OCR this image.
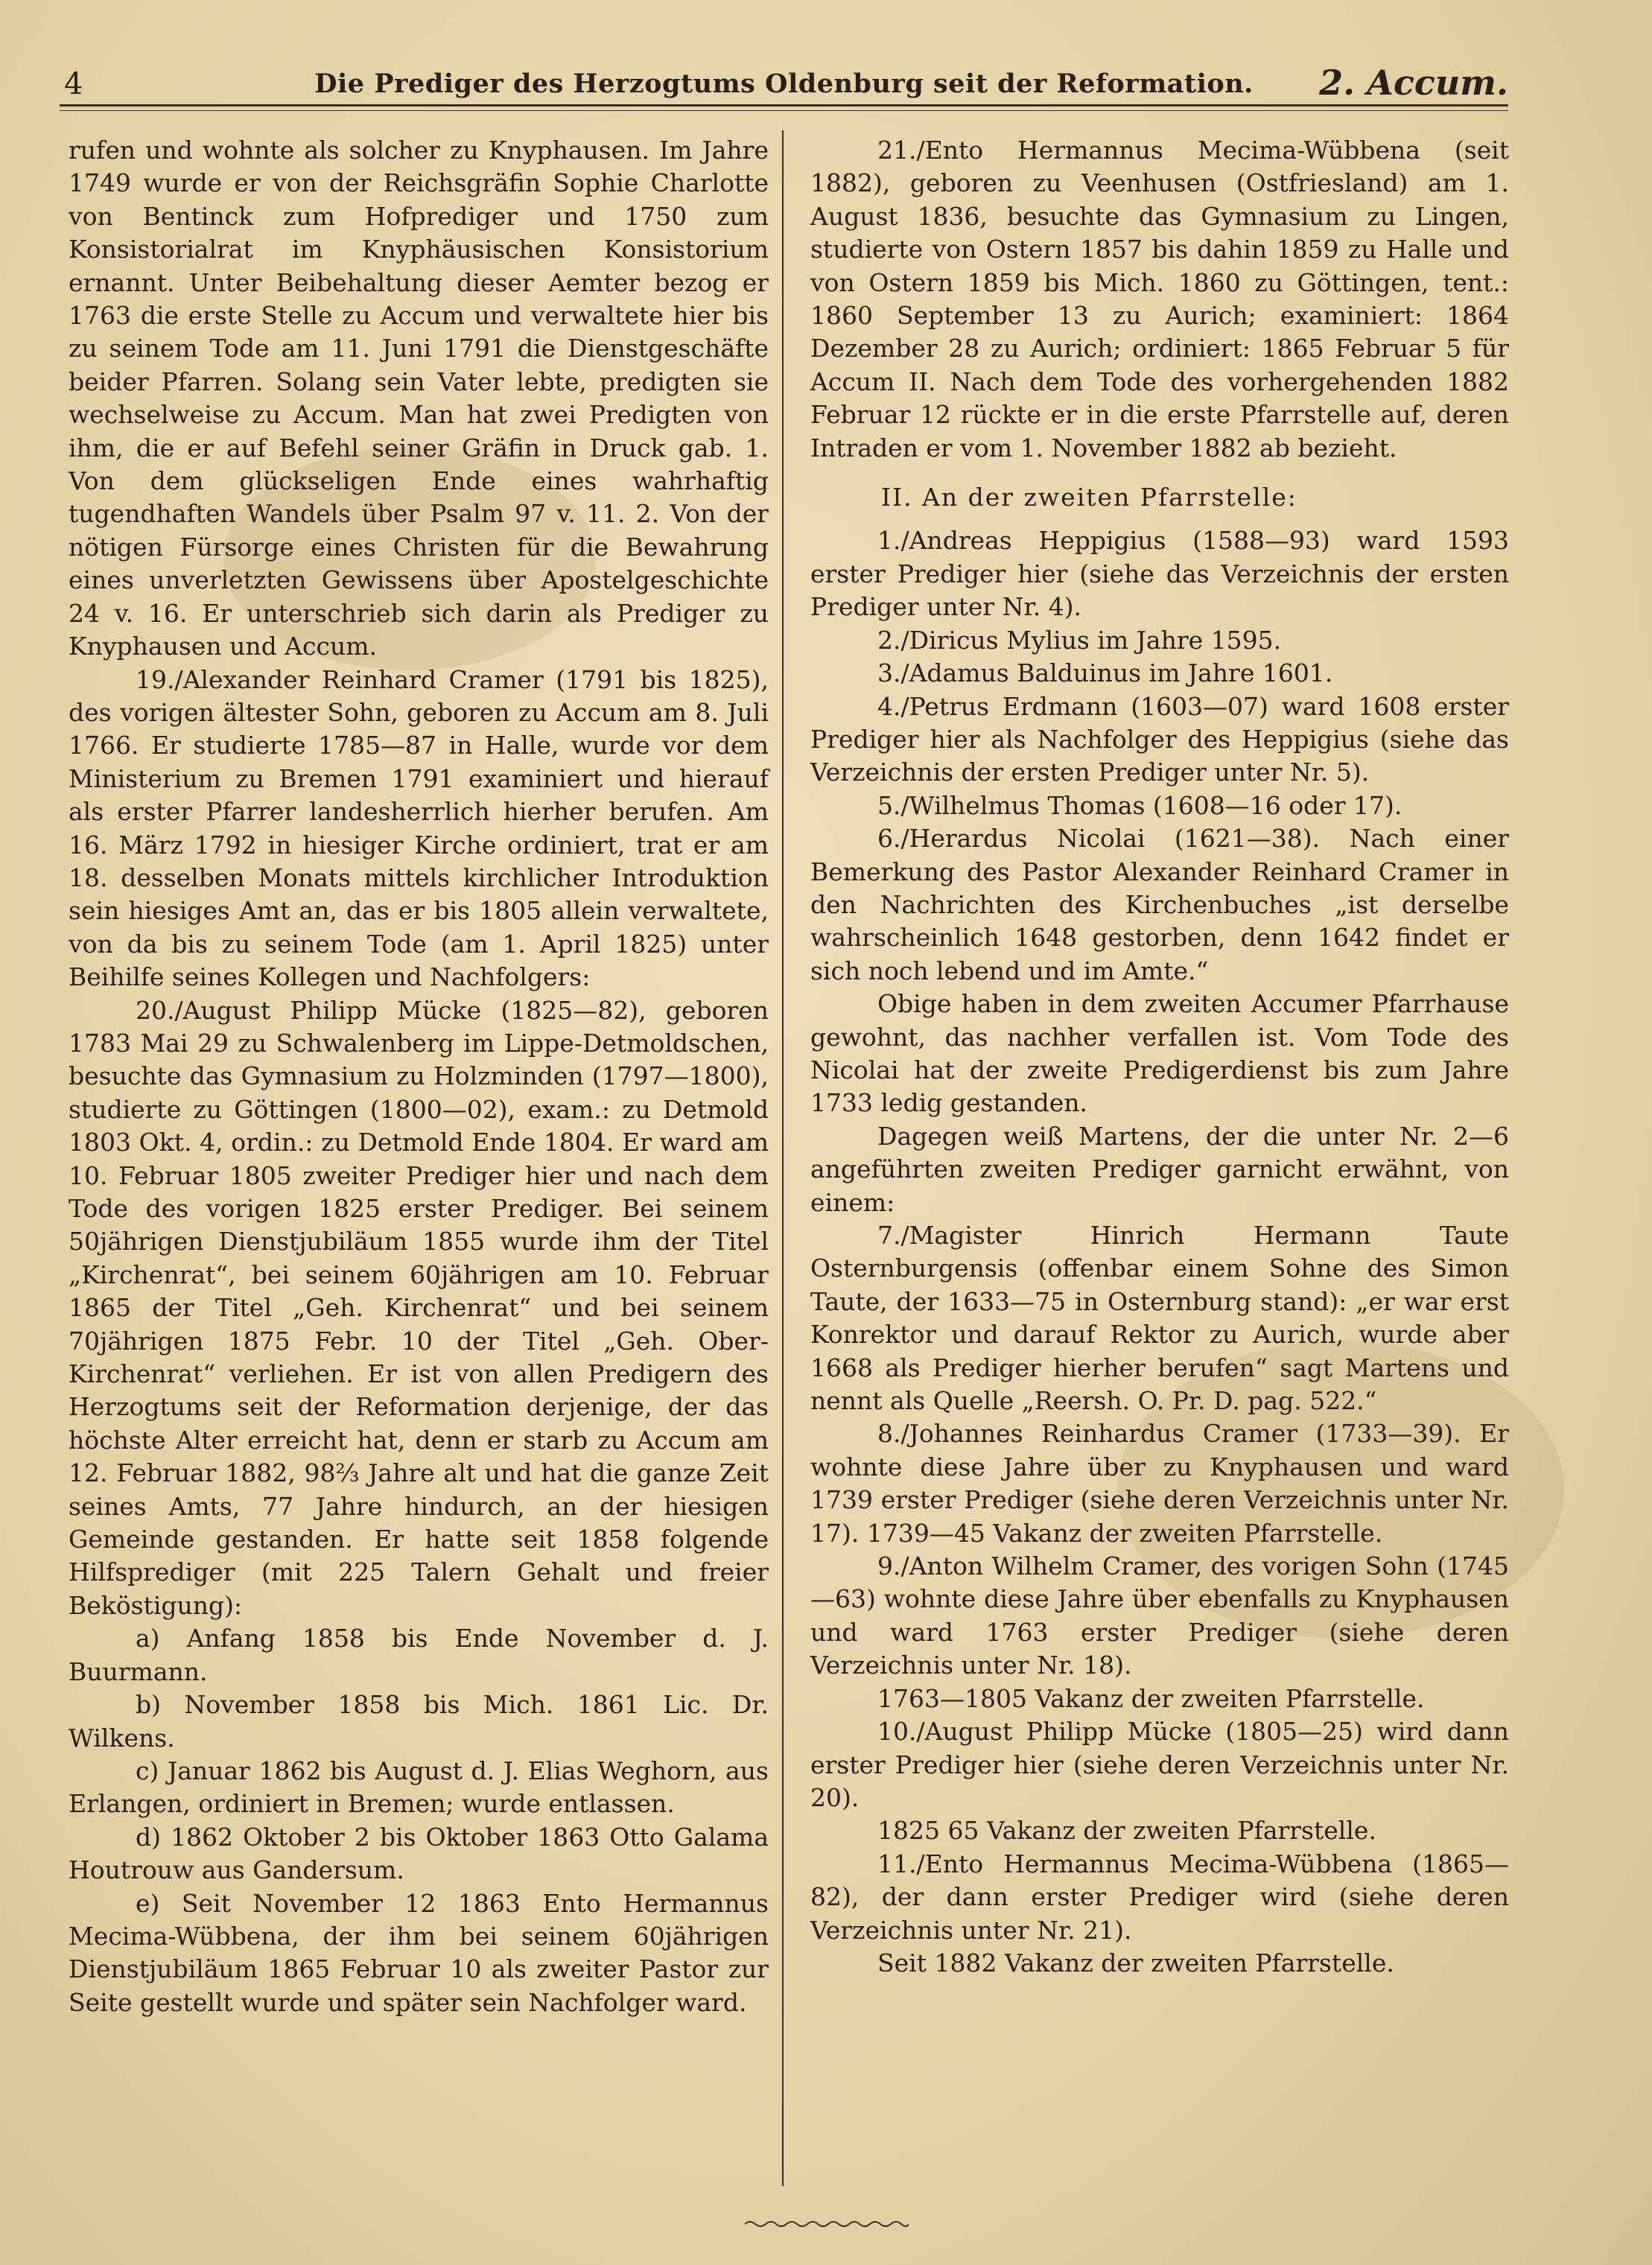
4	Die Prediger des Herzogtums Oldenburg seit der Reformation.	2. Accum.

rufen und wohnte als solcher zu Knyphausen. Im Jahre 1749 wurde er von der Reichsgräfin Sophie Charlotte von Bentinck zum Hofprediger und 1750 zum Konsistorialrat im Knyphäusischen Konsistorium ernannt. Unter Beibehaltung dieser Aemter bezog er 1763 die erste Stelle zu Accum und verwaltete hier bis zu seinem Tode am 11. Juni 1791 die Dienstgeschäfte beider Pfarren. Solang sein Vater lebte, predigten sie wechselweise zu Accum. Man hat zwei Predigten von ihm, die er auf Befehl seiner Gräfin in Druck gab. 1. Von dem glückseligen Ende eines wahrhaftig tugendhaften Wandels über Psalm 97 v. 11. 2. Von der nötigen Fürsorge eines Christen für die Bewahrung eines unverletzten Gewissens über Apostelgeschichte 24 v. 16. Er unterschrieb sich darin als Prediger zu Knyphausen und Accum.

19./Alexander Reinhard Cramer (1791 bis 1825), des vorigen ältester Sohn, geboren zu Accum am 8. Juli 1766. Er studierte 1785—87 in Halle, wurde vor dem Ministerium zu Bremen 1791 examiniert und hierauf als erster Pfarrer landesherrlich hierher berufen. Am 16. März 1792 in hiesiger Kirche ordiniert, trat er am 18. desselben Monats mittels kirchlicher Introduktion sein hiesiges Amt an, das er bis 1805 allein verwaltete, von da bis zu seinem Tode (am 1. April 1825) unter Beihilfe seines Kollegen und Nachfolgers:

20./August Philipp Mücke (1825—82), geboren 1783 Mai 29 zu Schwalenberg im Lippe-Detmoldschen, besuchte das Gymnasium zu Holzminden (1797—1800), studierte zu Göttingen (1800—02), exam.: zu Detmold 1803 Okt. 4, ordin.: zu Detmold Ende 1804. Er ward am 10. Februar 1805 zweiter Prediger hier und nach dem Tode des vorigen 1825 erster Prediger. Bei seinem 50jährigen Dienstjubiläum 1855 wurde ihm der Titel „Kirchenrat“, bei seinem 60jährigen am 10. Februar 1865 der Titel „Geh. Kirchenrat“ und bei seinem 70jährigen 1875 Febr. 10 der Titel „Geh. Ober-Kirchenrat“ verliehen. Er ist von allen Predigern des Herzogtums seit der Reformation derjenige, der das höchste Alter erreicht hat, denn er starb zu Accum am 12. Februar 1882, 98⅔ Jahre alt und hat die ganze Zeit seines Amts, 77 Jahre hindurch, an der hiesigen Gemeinde gestanden. Er hatte seit 1858 folgende Hilfsprediger (mit 225 Talern Gehalt und freier Beköstigung):

a) Anfang 1858 bis Ende November d. J. Buurmann.

b) November 1858 bis Mich. 1861 Lic. Dr. Wilkens.

c) Januar 1862 bis August d. J. Elias Weghorn, aus Erlangen, ordiniert in Bremen; wurde entlassen.

d) 1862 Oktober 2 bis Oktober 1863 Otto Galama Houtrouw aus Gandersum.

e) Seit November 12 1863 Ento Hermannus Mecima-Wübbena, der ihm bei seinem 60jährigen Dienstjubiläum 1865 Februar 10 als zweiter Pastor zur Seite gestellt wurde und später sein Nachfolger ward.

21./Ento Hermannus Mecima-Wübbena (seit 1882), geboren zu Veenhusen (Ostfriesland) am 1. August 1836, besuchte das Gymnasium zu Lingen, studierte von Ostern 1857 bis dahin 1859 zu Halle und von Ostern 1859 bis Mich. 1860 zu Göttingen, tent.: 1860 September 13 zu Aurich; examiniert: 1864 Dezember 28 zu Aurich; ordiniert: 1865 Februar 5 für Accum II. Nach dem Tode des vorhergehenden 1882 Februar 12 rückte er in die erste Pfarrstelle auf, deren Intraden er vom 1. November 1882 ab bezieht.

II. An der zweiten Pfarrstelle:

1./Andreas Heppigius (1588—93) ward 1593 erster Prediger hier (siehe das Verzeichnis der ersten Prediger unter Nr. 4).

2./Diricus Mylius im Jahre 1595.

3./Adamus Balduinus im Jahre 1601.

4./Petrus Erdmann (1603—07) ward 1608 erster Prediger hier als Nachfolger des Heppigius (siehe das Verzeichnis der ersten Prediger unter Nr. 5).

5./Wilhelmus Thomas (1608—16 oder 17).

6./Herardus Nicolai (1621—38). Nach einer Bemerkung des Pastor Alexander Reinhard Cramer in den Nachrichten des Kirchenbuches „ist derselbe wahrscheinlich 1648 gestorben, denn 1642 findet er sich noch lebend und im Amte.“

Obige haben in dem zweiten Accumer Pfarrhause gewohnt, das nachher verfallen ist. Vom Tode des Nicolai hat der zweite Predigerdienst bis zum Jahre 1733 ledig gestanden.

Dagegen weiß Martens, der die unter Nr. 2—6 angeführten zweiten Prediger garnicht erwähnt, von einem:

7./Magister Hinrich Hermann Taute Osternburgensis (offenbar einem Sohne des Simon Taute, der 1633—75 in Osternburg stand): „er war erst Konrektor und darauf Rektor zu Aurich, wurde aber 1668 als Prediger hierher berufen“ sagt Martens und nennt als Quelle „Reersh. O. Pr. D. pag. 522.“

8./Johannes Reinhardus Cramer (1733—39). Er wohnte diese Jahre über zu Knyphausen und ward 1739 erster Prediger (siehe deren Verzeichnis unter Nr. 17). 1739—45 Vakanz der zweiten Pfarrstelle.

9./Anton Wilhelm Cramer, des vorigen Sohn (1745—63) wohnte diese Jahre über ebenfalls zu Knyphausen und ward 1763 erster Prediger (siehe deren Verzeichnis unter Nr. 18).

1763—1805 Vakanz der zweiten Pfarrstelle.

10./August Philipp Mücke (1805—25) wird dann erster Prediger hier (siehe deren Verzeichnis unter Nr. 20).

1825 65 Vakanz der zweiten Pfarrstelle.

11./Ento Hermannus Mecima-Wübbena (1865—82), der dann erster Prediger wird (siehe deren Verzeichnis unter Nr. 21).

Seit 1882 Vakanz der zweiten Pfarrstelle.
